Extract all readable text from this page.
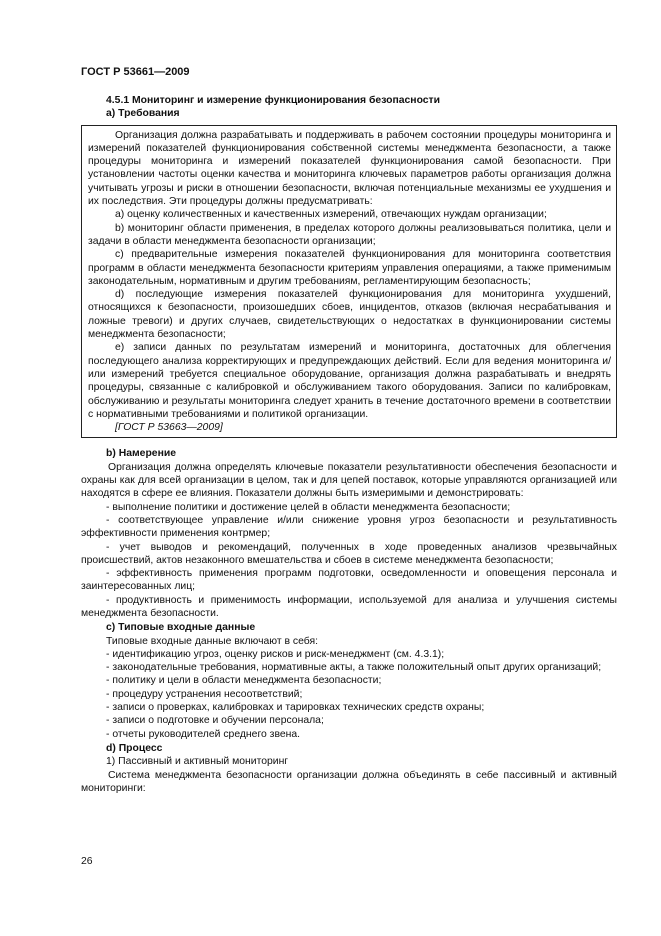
ГОСТ Р 53661—2009
4.5.1 Мониторинг и измерение функционирования безопасности
а) Требования

Организация должна разрабатывать и поддерживать в рабочем состоянии процедуры мониторинга и измерений показателей функционирования собственной системы менеджмента безопасности, а также процедуры мониторинга и измерений показателей функционирования самой безопасности. При установлении частоты оценки качества и мониторинга ключевых параметров работы организация должна учитывать угрозы и риски в отношении безопасности, включая потенциальные механизмы ее ухудшения и их последствия. Эти процедуры должны предусматривать:

a) оценку количественных и качественных измерений, отвечающих нуждам организации;

b) мониторинг области применения, в пределах которого должны реализовываться политика, цели и задачи в области менеджмента безопасности организации;

c) предварительные измерения показателей функционирования для мониторинга соответствия программ в области менеджмента безопасности критериям управления операциями, а также применимым законодательным, нормативным и другим требованиям, регламентирующим безопасность;

d) последующие измерения показателей функционирования для мониторинга ухудшений, относящихся к безопасности, произошедших сбоев, инцидентов, отказов (включая несрабатывания и ложные тревоги) и других случаев, свидетельствующих о недостатках в функционировании системы менеджмента безопасности;

e) записи данных по результатам измерений и мониторинга, достаточных для облегчения последующего анализа корректирующих и предупреждающих действий. Если для ведения мониторинга и/или измерений требуется специальное оборудование, организация должна разрабатывать и внедрять процедуры, связанные с калибровкой и обслуживанием такого оборудования. Записи по калибровкам, обслуживанию и результаты мониторинга следует хранить в течение достаточного времени в соответствии с нормативными требованиями и политикой организации.

[ГОСТ Р 53663—2009]

b) Намерение

Организация должна определять ключевые показатели результативности обеспечения безопасности и охраны как для всей организации в целом, так и для цепей поставок, которые управляются организацией или находятся в сфере ее влияния. Показатели должны быть измеримыми и демонстрировать:

- выполнение политики и достижение целей в области менеджмента безопасности;

- соответствующее управление и/или снижение уровня угроз безопасности и результативность эффективности применения контрмер;

- учет выводов и рекомендаций, полученных в ходе проведенных анализов чрезвычайных происшествий, актов незаконного вмешательства и сбоев в системе менеджмента безопасности;

- эффективность применения программ подготовки, осведомленности и оповещения персонала и заинтересованных лиц;

- продуктивность и применимость информации, используемой для анализа и улучшения системы менеджмента безопасности.

c) Типовые входные данные

Типовые входные данные включают в себя:

- идентификацию угроз, оценку рисков и риск-менеджмент (см. 4.3.1);

- законодательные требования, нормативные акты, а также положительный опыт других организаций;

- политику и цели в области менеджмента безопасности;

- процедуру устранения несоответствий;

- записи о проверках, калибровках и тарировках технических средств охраны;

- записи о подготовке и обучении персонала;

- отчеты руководителей среднего звена.

d) Процесс

1) Пассивный и активный мониторинг

Система менеджмента безопасности организации должна объединять в себе пассивный и активный мониторинги:

26
